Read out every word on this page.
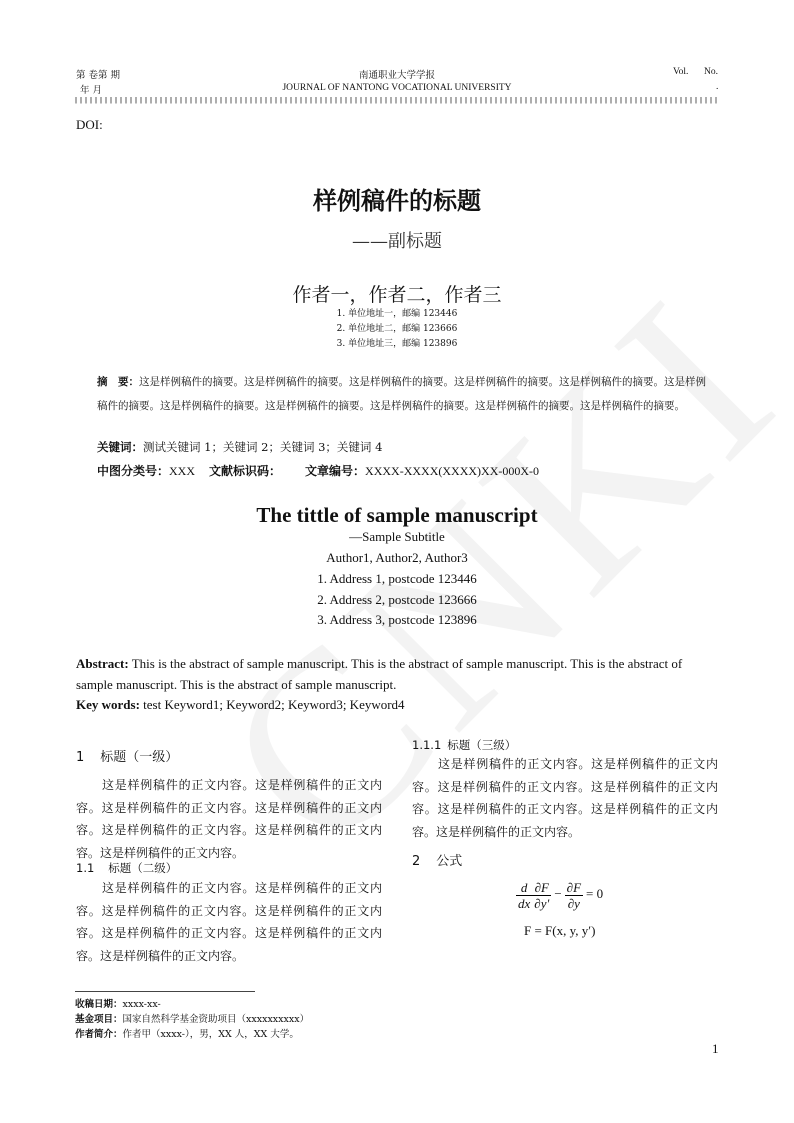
第 卷第 期
年 月
南通职业大学学报
JOURNAL OF NANTONG VOCATIONAL UNIVERSITY
Vol. No.
.
DOI:
样例稿件的标题
——副标题
作者一，作者二，作者三
1. 单位地址一，邮编 123446
2. 单位地址二，邮编 123666
3. 单位地址三，邮编 123896
摘　要：这是样例稿件的摘要。这是样例稿件的摘要。这是样例稿件的摘要。这是样例稿件的摘要。这是样例稿件的摘要。这是样例稿件的摘要。这是样例稿件的摘要。这是样例稿件的摘要。这是样例稿件的摘要。这是样例稿件的摘要。这是样例稿件的摘要。
关键词：测试关键词 1；关键词 2；关键词 3；关键词 4
中图分类号：XXX 文献标识码： 文章编号：XXXX-XXXX(XXXX)XX-000X-0
The tittle of sample manuscript
—Sample Subtitle
Author1, Author2, Author3
1. Address 1, postcode 123446
2. Address 2, postcode 123666
3. Address 3, postcode 123896
Abstract: This is the abstract of sample manuscript. This is the abstract of sample manuscript. This is the abstract of sample manuscript. This is the abstract of sample manuscript.
Key words: test Keyword1; Keyword2; Keyword3; Keyword4
1 标题（一级）
这是样例稿件的正文内容。这是样例稿件的正文内容。这是样例稿件的正文内容。这是样例稿件的正文内容。这是样例稿件的正文内容。这是样例稿件的正文内容。这是样例稿件的正文内容。
1.1 标题（二级）
这是样例稿件的正文内容。这是样例稿件的正文内容。这是样例稿件的正文内容。这是样例稿件的正文内容。这是样例稿件的正文内容。这是样例稿件的正文内容。这是样例稿件的正文内容。
1.1.1 标题（三级）
这是样例稿件的正文内容。这是样例稿件的正文内容。这是样例稿件的正文内容。这是样例稿件的正文内容。这是样例稿件的正文内容。这是样例稿件的正文内容。这是样例稿件的正文内容。
2 公式
$\frac{d}{dx} \frac{\partial F}{\partial y'} - \frac{\partial F}{\partial y} = 0$
F = F(x, y, y′)
收稿日期：xxxx-xx-
基金项目：国家自然科学基金资助项目（xxxxxxxxxx）
作者简介：作者甲（xxxx-），男，XX 人，XX 大学。
1
